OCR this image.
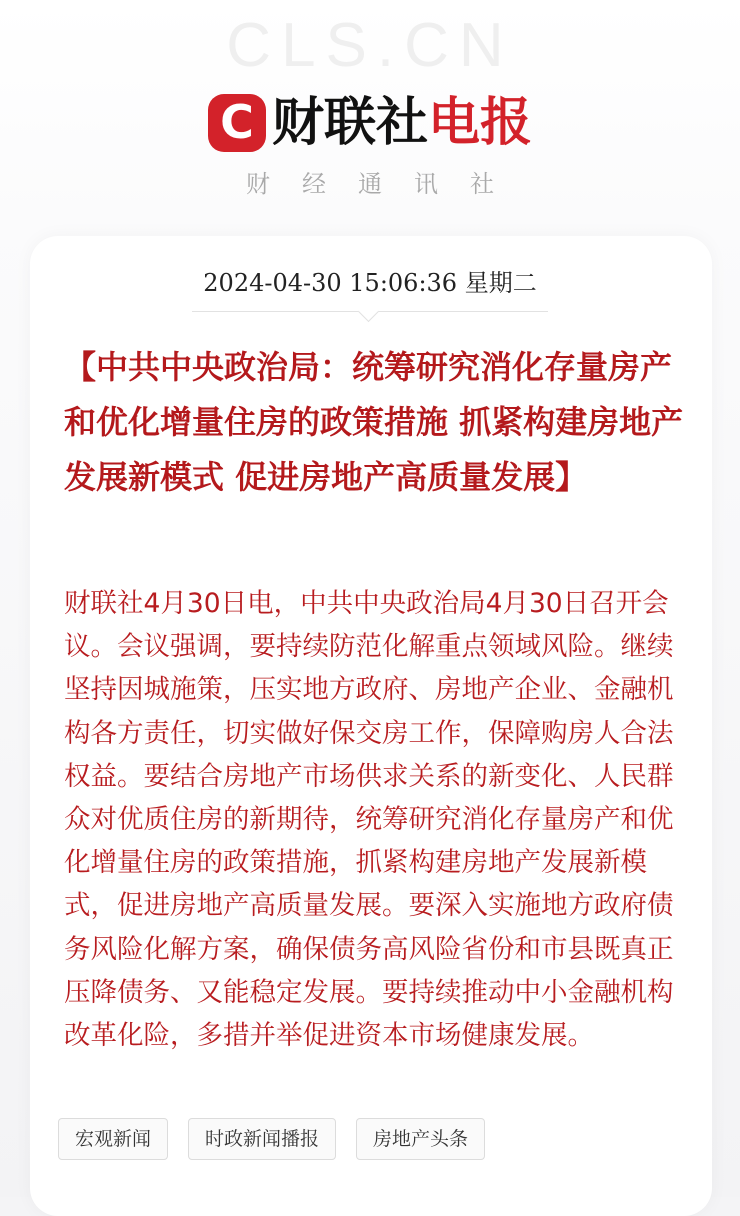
CLS.CN
C 财联社 电报
财经通讯社
2024-04-30 15:06:36 星期二
【中共中央政治局：统筹研究消化存量房产和优化增量住房的政策措施 抓紧构建房地产发展新模式 促进房地产高质量发展】

财联社4月30日电，中共中央政治局4月30日召开会议。会议强调，要持续防范化解重点领域风险。继续坚持因城施策，压实地方政府、房地产企业、金融机构各方责任，切实做好保交房工作，保障购房人合法权益。要结合房地产市场供求关系的新变化、人民群众对优质住房的新期待，统筹研究消化存量房产和优化增量住房的政策措施，抓紧构建房地产发展新模式，促进房地产高质量发展。要深入实施地方政府债务风险化解方案，确保债务高风险省份和市县既真正压降债务、又能稳定发展。要持续推动中小金融机构改革化险，多措并举促进资本市场健康发展。

宏观新闻	时政新闻播报	房地产头条
